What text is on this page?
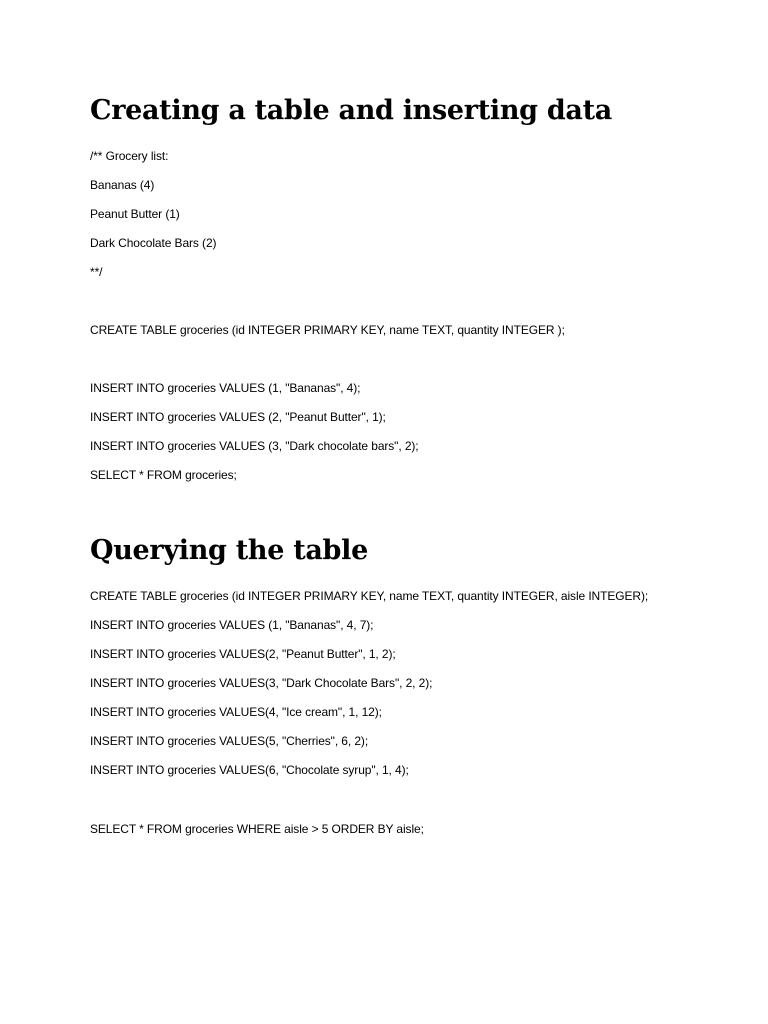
Creating a table and inserting data

/** Grocery list:

Bananas (4)

Peanut Butter (1)

Dark Chocolate Bars (2)

**/

CREATE TABLE groceries (id INTEGER PRIMARY KEY, name TEXT, quantity INTEGER );

INSERT INTO groceries VALUES (1, "Bananas", 4);

INSERT INTO groceries VALUES (2, "Peanut Butter", 1);

INSERT INTO groceries VALUES (3, "Dark chocolate bars", 2);

SELECT * FROM groceries;

Querying the table

CREATE TABLE groceries (id INTEGER PRIMARY KEY, name TEXT, quantity INTEGER, aisle INTEGER);

INSERT INTO groceries VALUES (1, "Bananas", 4, 7);

INSERT INTO groceries VALUES(2, "Peanut Butter", 1, 2);

INSERT INTO groceries VALUES(3, "Dark Chocolate Bars", 2, 2);

INSERT INTO groceries VALUES(4, "Ice cream", 1, 12);

INSERT INTO groceries VALUES(5, "Cherries", 6, 2);

INSERT INTO groceries VALUES(6, "Chocolate syrup", 1, 4);

SELECT * FROM groceries WHERE aisle > 5 ORDER BY aisle;
